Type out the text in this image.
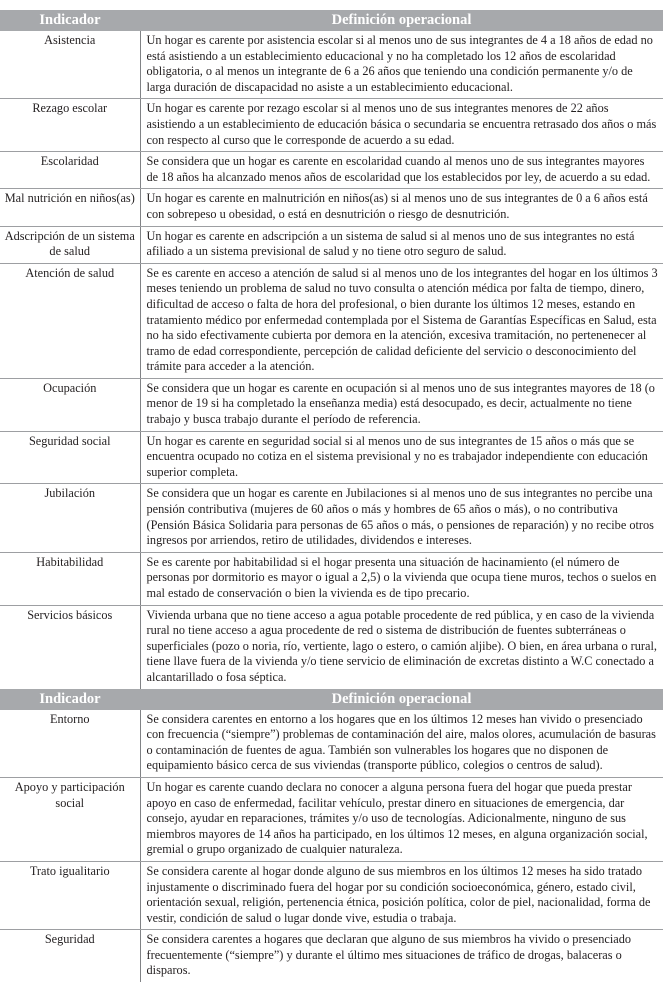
Indicador	Definición operacional
Asistencia	Un hogar es carente por asistencia escolar si al menos uno de sus integrantes de 4 a 18 años de edad no está asistiendo a un establecimiento educacional y no ha completado los 12 años de escolaridad obligatoria, o al menos un integrante de 6 a 26 años que teniendo una condición permanente y/o de larga duración de discapacidad no asiste a un establecimiento educacional.
Rezago escolar	Un hogar es carente por rezago escolar si al menos uno de sus integrantes menores de 22 años asistiendo a un establecimiento de educación básica o secundaria se encuentra retrasado dos años o más con respecto al curso que le corresponde de acuerdo a su edad.
Escolaridad	Se considera que un hogar es carente en escolaridad cuando al menos uno de sus integrantes mayores de 18 años ha alcanzado menos años de escolaridad que los establecidos por ley, de acuerdo a su edad.
Mal nutrición en niños(as)	Un hogar es carente en malnutrición en niños(as) si al menos uno de sus integrantes de 0 a 6 años está con sobrepeso u obesidad, o está en desnutrición o riesgo de desnutrición.
Adscripción de un sistema de salud	Un hogar es carente en adscripción a un sistema de salud si al menos uno de sus integrantes no está afiliado a un sistema previsional de salud y no tiene otro seguro de salud.
Atención de salud	Se es carente en acceso a atención de salud si al menos uno de los integrantes del hogar en los últimos 3 meses teniendo un problema de salud no tuvo consulta o atención médica por falta de tiempo, dinero, dificultad de acceso o falta de hora del profesional, o bien durante los últimos 12 meses, estando en tratamiento médico por enfermedad contemplada por el Sistema de Garantías Específicas en Salud, esta no ha sido efectivamente cubierta por demora en la atención, excesiva tramitación, no pertenenecer al tramo de edad correspondiente, percepción de calidad deficiente del servicio o desconocimiento del trámite para acceder a la atención.
Ocupación	Se considera que un hogar es carente en ocupación si al menos uno de sus integrantes mayores de 18 (o menor de 19 si ha completado la enseñanza media) está desocupado, es decir, actualmente no tiene trabajo y busca trabajo durante el período de referencia.
Seguridad social	Un hogar es carente en seguridad social si al menos uno de sus integrantes de 15 años o más que se encuentra ocupado no cotiza en el sistema previsional y no es trabajador independiente con educación superior completa.
Jubilación	Se considera que un hogar es carente en Jubilaciones si al menos uno de sus integrantes no percibe una pensión contributiva (mujeres de 60 años o más y hombres de 65 años o más), o no contributiva (Pensión Básica Solidaria para personas de 65 años o más, o pensiones de reparación) y no recibe otros ingresos por arriendos, retiro de utilidades, dividendos e intereses.
Habitabilidad	Se es carente por habitabilidad si el hogar presenta una situación de hacinamiento (el número de personas por dormitorio es mayor o igual a 2,5) o la vivienda que ocupa tiene muros, techos o suelos en mal estado de conservación o bien la vivienda es de tipo precario.
Servicios básicos	Vivienda urbana que no tiene acceso a agua potable procedente de red pública, y en caso de la vivienda rural no tiene acceso a agua procedente de red o sistema de distribución de fuentes subterráneas o superficiales (pozo o noria, río, vertiente, lago o estero, o camión aljibe). O bien, en área urbana o rural, tiene llave fuera de la vivienda y/o tiene servicio de eliminación de excretas distinto a W.C conectado a alcantarillado o fosa séptica.
Indicador	Definición operacional
Entorno	Se considera carentes en entorno a los hogares que en los últimos 12 meses han vivido o presenciado con frecuencia (“siempre”) problemas de contaminación del aire, malos olores, acumulación de basuras o contaminación de fuentes de agua. También son vulnerables los hogares que no disponen de equipamiento básico cerca de sus viviendas (transporte público, colegios o centros de salud).
Apoyo y participación social	Un hogar es carente cuando declara no conocer a alguna persona fuera del hogar que pueda prestar apoyo en caso de enfermedad, facilitar vehículo, prestar dinero en situaciones de emergencia, dar consejo, ayudar en reparaciones, trámites y/o uso de tecnologías. Adicionalmente, ninguno de sus miembros mayores de 14 años ha participado, en los últimos 12 meses, en alguna organización social, gremial o grupo organizado de cualquier naturaleza.
Trato igualitario	Se considera carente al hogar donde alguno de sus miembros en los últimos 12 meses ha sido tratado injustamente o discriminado fuera del hogar por su condición socioeconómica, género, estado civil, orientación sexual, religión, pertenencia étnica, posición política, color de piel, nacionalidad, forma de vestir, condición de salud o lugar donde vive, estudia o trabaja.
Seguridad	Se considera carentes a hogares que declaran que alguno de sus miembros ha vivido o presenciado frecuentemente (“siempre”) y durante el último mes situaciones de tráfico de drogas, balaceras o disparos.
